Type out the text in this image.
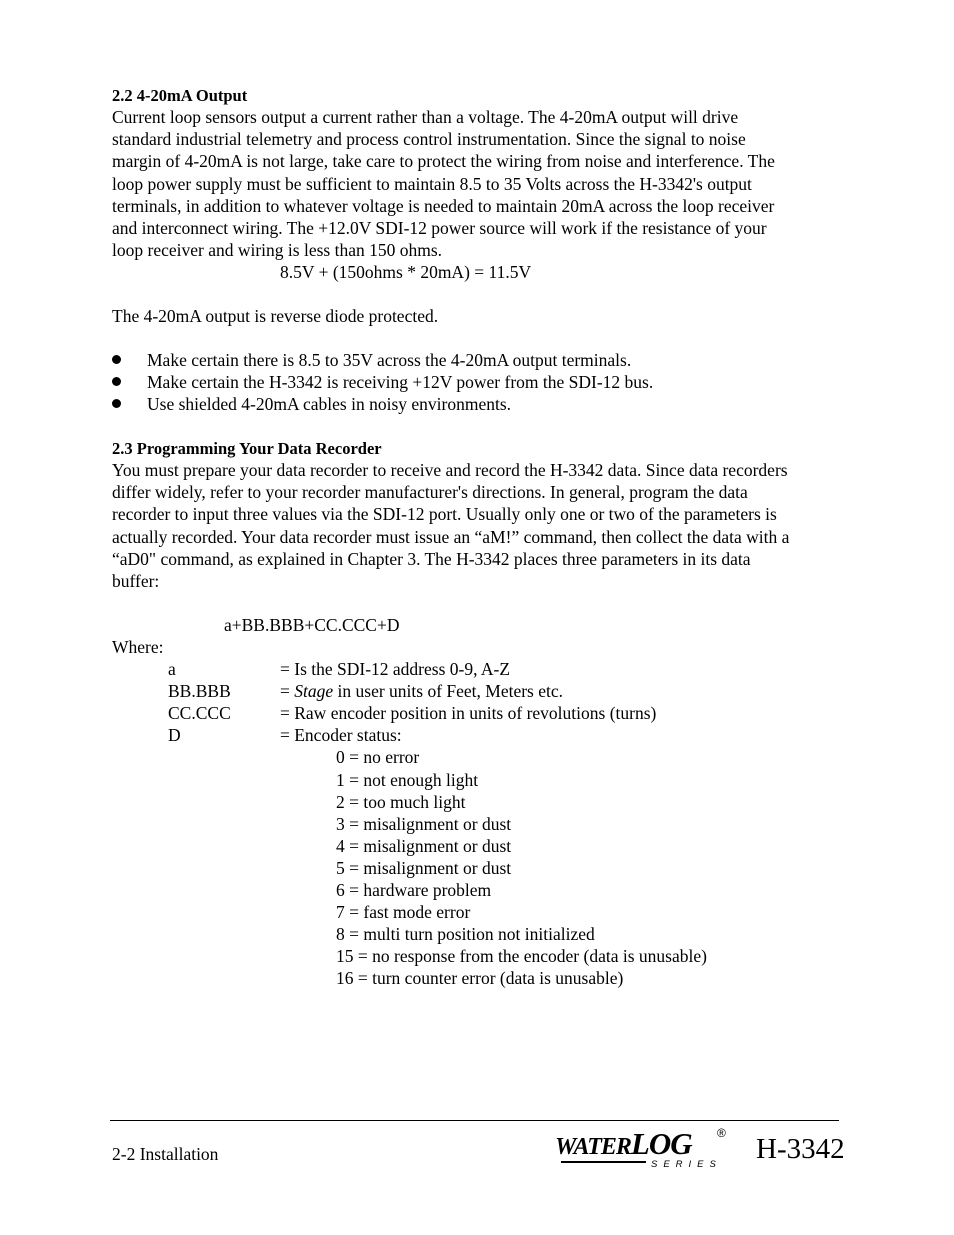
2.2 4-20mA Output
Current loop sensors output a current rather than a voltage. The 4-20mA output will drive
standard industrial telemetry and process control instrumentation. Since the signal to noise
margin of 4-20mA is not large, take care to protect the wiring from noise and interference. The
loop power supply must be sufficient to maintain 8.5 to 35 Volts across the H-3342's output
terminals, in addition to whatever voltage is needed to maintain 20mA across the loop receiver
and interconnect wiring. The +12.0V SDI-12 power source will work if the resistance of your
loop receiver and wiring is less than 150 ohms.
8.5V + (150ohms * 20mA) = 11.5V
The 4-20mA output is reverse diode protected.
Make certain there is 8.5 to 35V across the 4-20mA output terminals.
Make certain the H-3342 is receiving +12V power from the SDI-12 bus.
Use shielded 4-20mA cables in noisy environments.
2.3 Programming Your Data Recorder
You must prepare your data recorder to receive and record the H-3342 data. Since data recorders
differ widely, refer to your recorder manufacturer's directions. In general, program the data
recorder to input three values via the SDI-12 port. Usually only one or two of the parameters is
actually recorded. Your data recorder must issue an “aM!” command, then collect the data with a
“aD0" command, as explained in Chapter 3. The H-3342 places three parameters in its data
buffer:
a+BB.BBB+CC.CCC+D
Where:
a	= Is the SDI-12 address 0-9, A-Z
BB.BBB	= Stage in user units of Feet, Meters etc.
CC.CCC	= Raw encoder position in units of revolutions (turns)
D	= Encoder status:
0 = no error
1 = not enough light
2 = too much light
3 = misalignment or dust
4 = misalignment or dust
5 = misalignment or dust
6 = hardware problem
7 = fast mode error
8 = multi turn position not initialized
15 = no response from the encoder (data is unusable)
16 = turn counter error (data is unusable)
2-2 Installation	WATERLOG ®
SERIES H-3342
